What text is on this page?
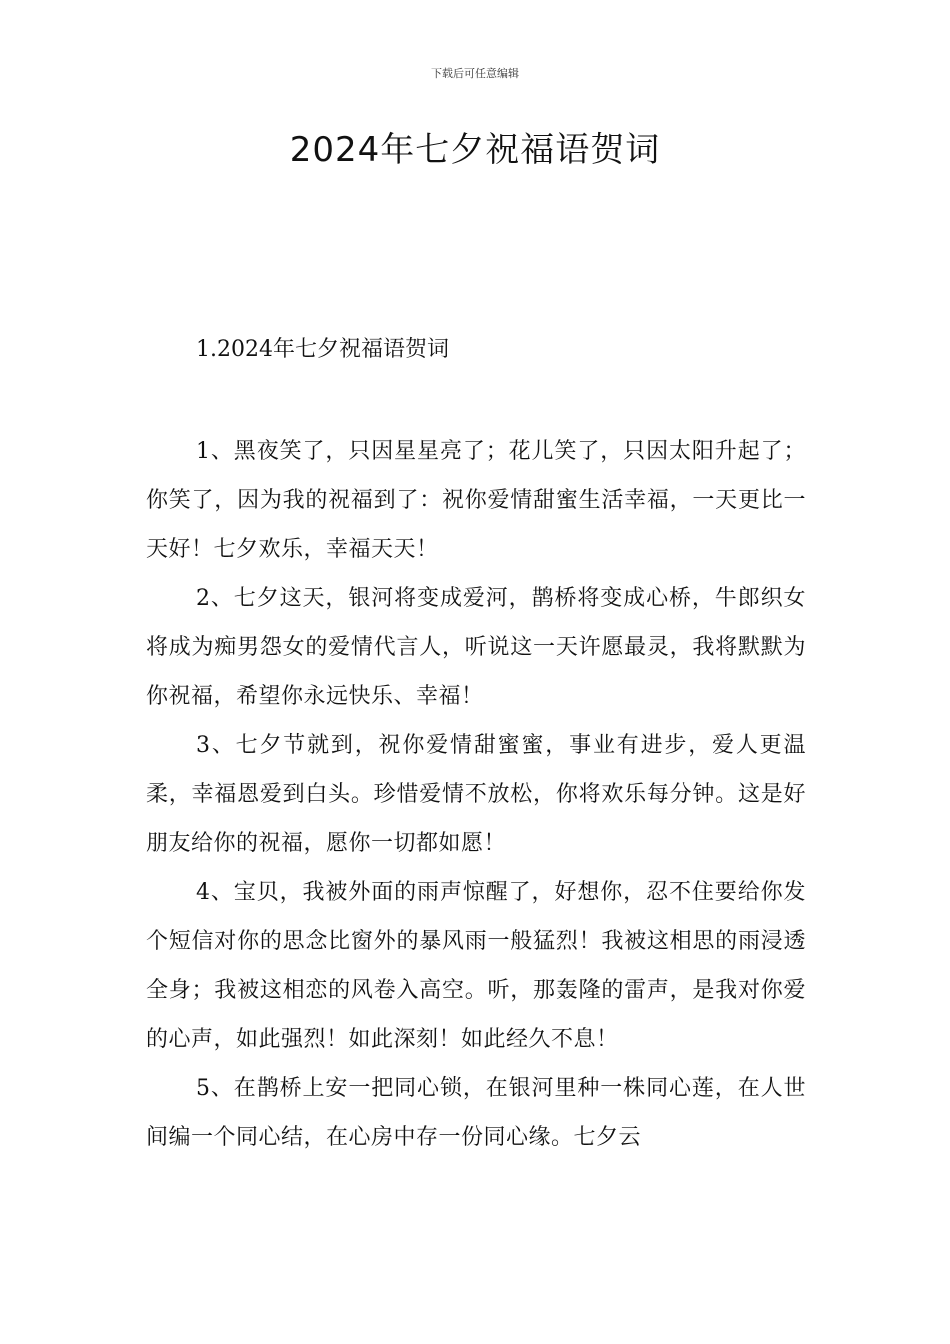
下载后可任意编辑
2024年七夕祝福语贺词
1.2024年七夕祝福语贺词

1、黑夜笑了，只因星星亮了；花儿笑了，只因太阳升起了；你笑了，因为我的祝福到了：祝你爱情甜蜜生活幸福，一天更比一天好！七夕欢乐，幸福天天！

2、七夕这天，银河将变成爱河，鹊桥将变成心桥，牛郎织女将成为痴男怨女的爱情代言人，听说这一天许愿最灵，我将默默为你祝福，希望你永远快乐、幸福！

3、七夕节就到，祝你爱情甜蜜蜜，事业有进步，爱人更温柔，幸福恩爱到白头。珍惜爱情不放松，你将欢乐每分钟。这是好朋友给你的祝福，愿你一切都如愿！

4、宝贝，我被外面的雨声惊醒了，好想你，忍不住要给你发个短信对你的思念比窗外的暴风雨一般猛烈！我被这相思的雨浸透全身；我被这相恋的风卷入高空。听，那轰隆的雷声，是我对你爱的心声，如此强烈！如此深刻！如此经久不息！

5、在鹊桥上安一把同心锁，在银河里种一株同心莲，在人世间编一个同心结，在心房中存一份同心缘。七夕云
